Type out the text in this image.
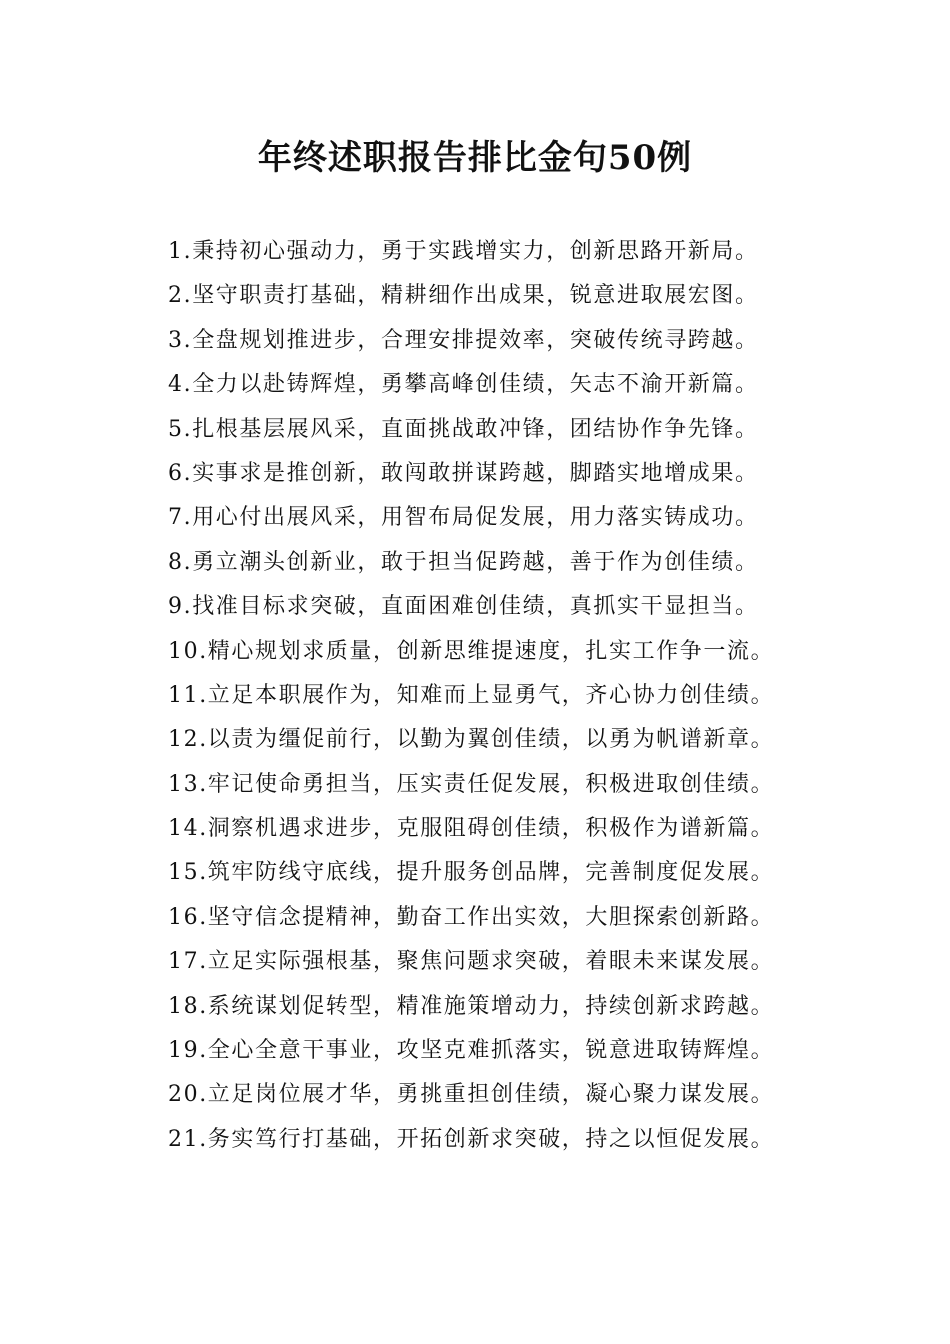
年终述职报告排比金句50例
1.秉持初心强动力，勇于实践增实力，创新思路开新局。
2.坚守职责打基础，精耕细作出成果，锐意进取展宏图。
3.全盘规划推进步，合理安排提效率，突破传统寻跨越。
4.全力以赴铸辉煌，勇攀高峰创佳绩，矢志不渝开新篇。
5.扎根基层展风采，直面挑战敢冲锋，团结协作争先锋。
6.实事求是推创新，敢闯敢拼谋跨越，脚踏实地增成果。
7.用心付出展风采，用智布局促发展，用力落实铸成功。
8.勇立潮头创新业，敢于担当促跨越，善于作为创佳绩。
9.找准目标求突破，直面困难创佳绩，真抓实干显担当。
10.精心规划求质量，创新思维提速度，扎实工作争一流。
11.立足本职展作为，知难而上显勇气，齐心协力创佳绩。
12.以责为缰促前行，以勤为翼创佳绩，以勇为帆谱新章。
13.牢记使命勇担当，压实责任促发展，积极进取创佳绩。
14.洞察机遇求进步，克服阻碍创佳绩，积极作为谱新篇。
15.筑牢防线守底线，提升服务创品牌，完善制度促发展。
16.坚守信念提精神，勤奋工作出实效，大胆探索创新路。
17.立足实际强根基，聚焦问题求突破，着眼未来谋发展。
18.系统谋划促转型，精准施策增动力，持续创新求跨越。
19.全心全意干事业，攻坚克难抓落实，锐意进取铸辉煌。
20.立足岗位展才华，勇挑重担创佳绩，凝心聚力谋发展。
21.务实笃行打基础，开拓创新求突破，持之以恒促发展。
